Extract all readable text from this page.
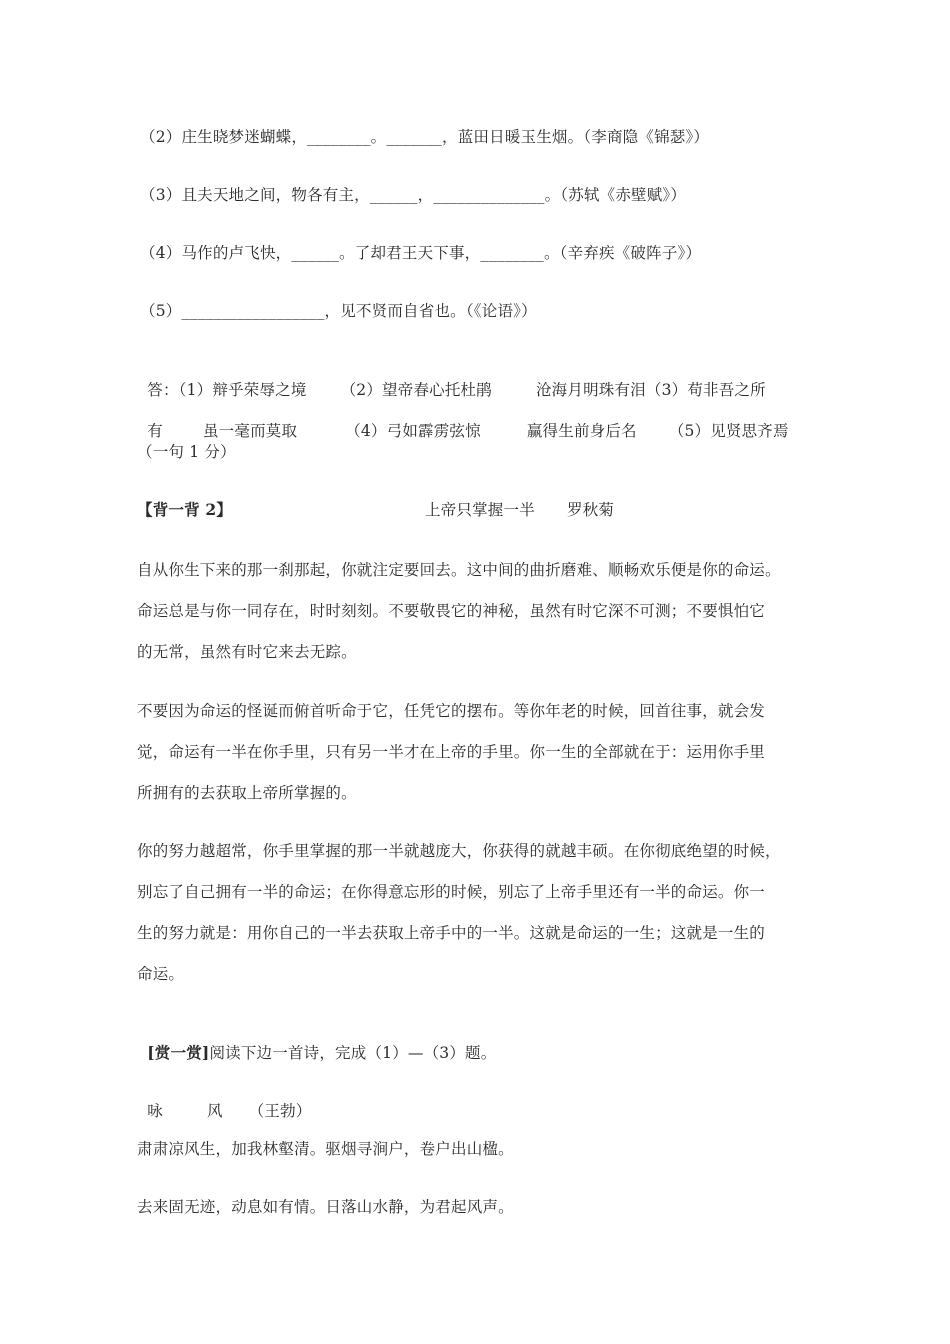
（2）庄生晓梦迷蝴蝶，________。_______，蓝田日暖玉生烟。（李商隐《锦瑟》）
（3）且夫天地之间，物各有主，______，______________。（苏轼《赤壁赋》）
（4）马作的卢飞快，______。了却君王天下事，________。（辛弃疾《破阵子》）
（5）__________________，见不贤而自省也。（《论语》）

答：（1）辩乎荣辱之境 （2）望帝春心托杜鹃	沧海月明珠有泪（3）苟非吾之所

有	虽一毫而莫取	（4）弓如霹雳弦惊	赢得生前身后名 （5）见贤思齐焉

（一句 1 分）
【背一背 2】	上帝只掌握一半 罗秋菊
自从你生下来的那一刹那起，你就注定要回去。这中间的曲折磨难、顺畅欢乐便是你的命运。
命运总是与你一同存在，时时刻刻。不要敬畏它的神秘，虽然有时它深不可测；不要惧怕它
的无常，虽然有时它来去无踪。
不要因为命运的怪诞而俯首听命于它，任凭它的摆布。等你年老的时候，回首往事，就会发
觉，命运有一半在你手里，只有另一半才在上帝的手里。你一生的全部就在于：运用你手里
所拥有的去获取上帝所掌握的。
你的努力越超常，你手里掌握的那一半就越庞大，你获得的就越丰硕。在你彻底绝望的时候，
别忘了自己拥有一半的命运；在你得意忘形的时候，别忘了上帝手里还有一半的命运。你一
生的努力就是：用你自己的一半去获取上帝手中的一半。这就是命运的一生；这就是一生的
命运。

[赏一赏]阅读下边一首诗，完成（1）—（3）题。

咏	风 （王勃）

肃肃凉风生，加我林壑清。驱烟寻涧户，卷户出山楹。
去来固无迹，动息如有情。日落山水静，为君起风声。
